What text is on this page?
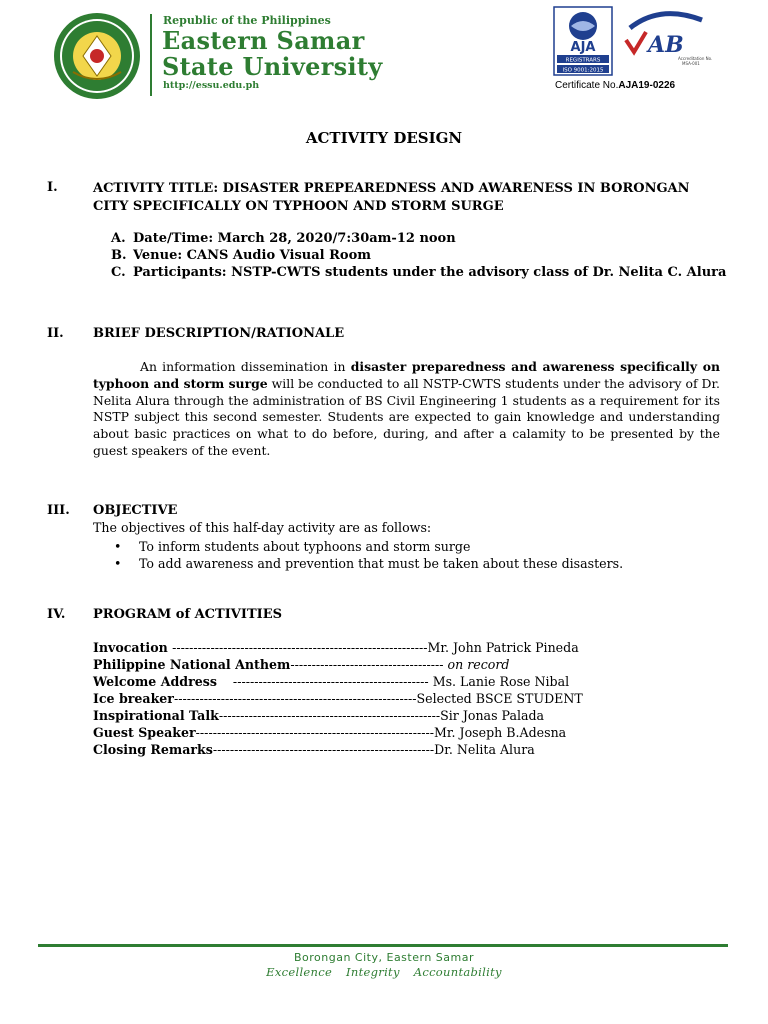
Republic of the Philippines
Eastern Samar
State University
http://essu.edu.ph
AJA
REGISTRARS
ISO 9001:2015
AB
Accreditation No.
MSA-001
Certificate No.AJA19-0226
ACTIVITY DESIGN
I.	ACTIVITY TITLE: DISASTER PREPEAREDNESS AND AWARENESS IN BORONGAN CITY SPECIFICALLY ON TYPHOON AND STORM SURGE
A. Date/Time: March 28, 2020/7:30am-12 noon
B. Venue: CANS Audio Visual Room
C. Participants: NSTP-CWTS students under the advisory class of Dr. Nelita C. Alura
II. BRIEF DESCRIPTION/RATIONALE
An information dissemination in disaster preparedness and awareness specifically on typhoon and storm surge will be conducted to all NSTP-CWTS students under the advisory of Dr. Nelita Alura through the administration of BS Civil Engineering 1 students as a requirement for its NSTP subject this second semester. Students are expected to gain knowledge and understanding about basic practices on what to do before, during, and after a calamity to be presented by the guest speakers of the event.
III. OBJECTIVE
The objectives of this half-day activity are as follows:
• To inform students about typhoons and storm surge
• To add awareness and prevention that must be taken about these disasters.
IV. PROGRAM of ACTIVITIES
Invocation ------------------------------------------------------------Mr. John Patrick Pineda
Philippine National Anthem------------------------------------ on record
Welcome Address    ---------------------------------------------- Ms. Lanie Rose Nibal
Ice breaker---------------------------------------------------------Selected BSCE STUDENT
Inspirational Talk----------------------------------------------------Sir Jonas Palada
Guest Speaker--------------------------------------------------------Mr. Joseph B.Adesna
Closing Remarks----------------------------------------------------Dr. Nelita Alura
Borongan City, Eastern Samar
Excellence Integrity Accountability
